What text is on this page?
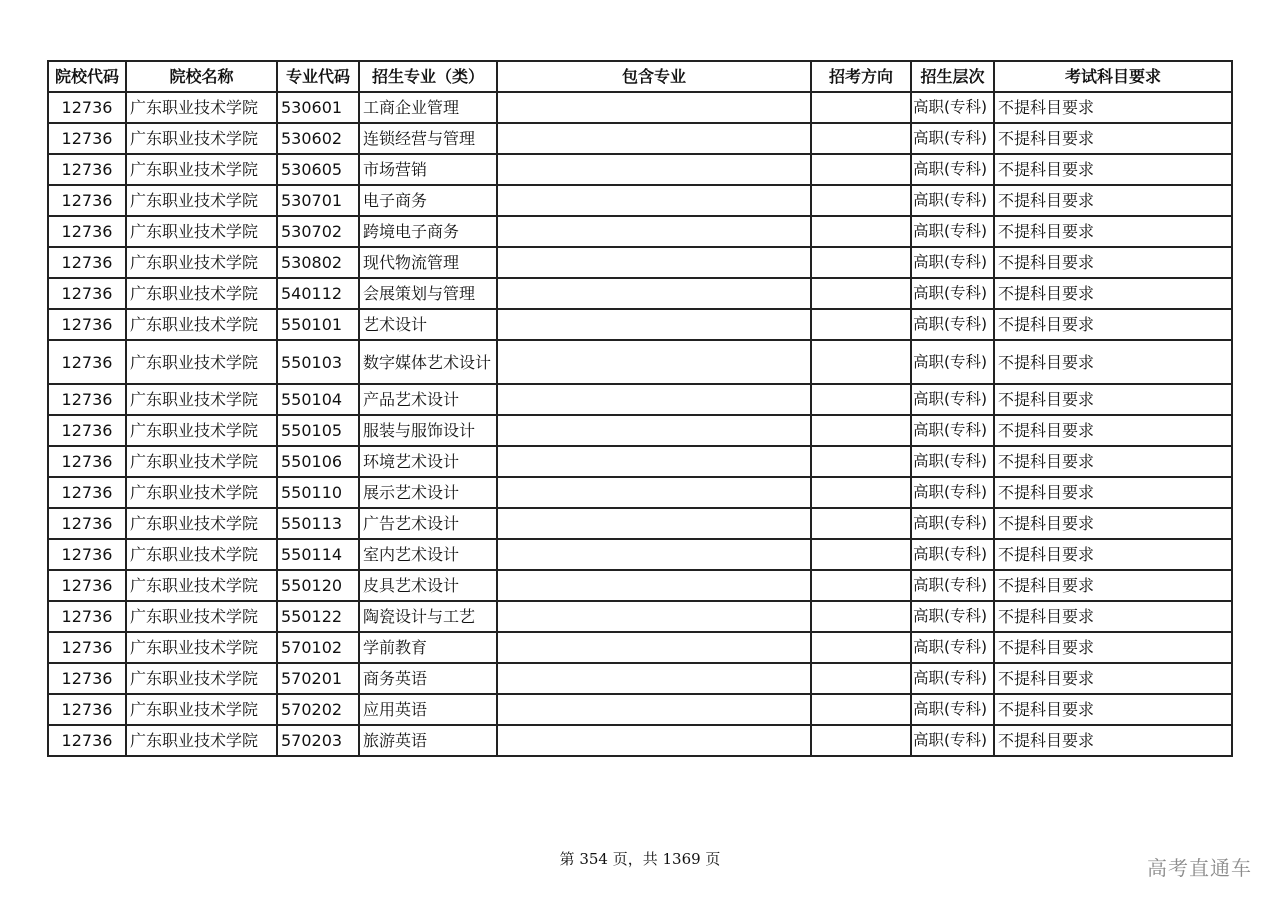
院校代码	院校名称	专业代码	招生专业（类）	包含专业	招考方向	招生层次	考试科目要求
12736	广东职业技术学院	530601	工商企业管理			高职(专科)	不提科目要求
12736	广东职业技术学院	530602	连锁经营与管理			高职(专科)	不提科目要求
12736	广东职业技术学院	530605	市场营销			高职(专科)	不提科目要求
12736	广东职业技术学院	530701	电子商务			高职(专科)	不提科目要求
12736	广东职业技术学院	530702	跨境电子商务			高职(专科)	不提科目要求
12736	广东职业技术学院	530802	现代物流管理			高职(专科)	不提科目要求
12736	广东职业技术学院	540112	会展策划与管理			高职(专科)	不提科目要求
12736	广东职业技术学院	550101	艺术设计			高职(专科)	不提科目要求
12736	广东职业技术学院	550103	数字媒体艺术设计			高职(专科)	不提科目要求
12736	广东职业技术学院	550104	产品艺术设计			高职(专科)	不提科目要求
12736	广东职业技术学院	550105	服装与服饰设计			高职(专科)	不提科目要求
12736	广东职业技术学院	550106	环境艺术设计			高职(专科)	不提科目要求
12736	广东职业技术学院	550110	展示艺术设计			高职(专科)	不提科目要求
12736	广东职业技术学院	550113	广告艺术设计			高职(专科)	不提科目要求
12736	广东职业技术学院	550114	室内艺术设计			高职(专科)	不提科目要求
12736	广东职业技术学院	550120	皮具艺术设计			高职(专科)	不提科目要求
12736	广东职业技术学院	550122	陶瓷设计与工艺			高职(专科)	不提科目要求
12736	广东职业技术学院	570102	学前教育			高职(专科)	不提科目要求
12736	广东职业技术学院	570201	商务英语			高职(专科)	不提科目要求
12736	广东职业技术学院	570202	应用英语			高职(专科)	不提科目要求
12736	广东职业技术学院	570203	旅游英语			高职(专科)	不提科目要求
第 354 页，共 1369 页	高考直通车
